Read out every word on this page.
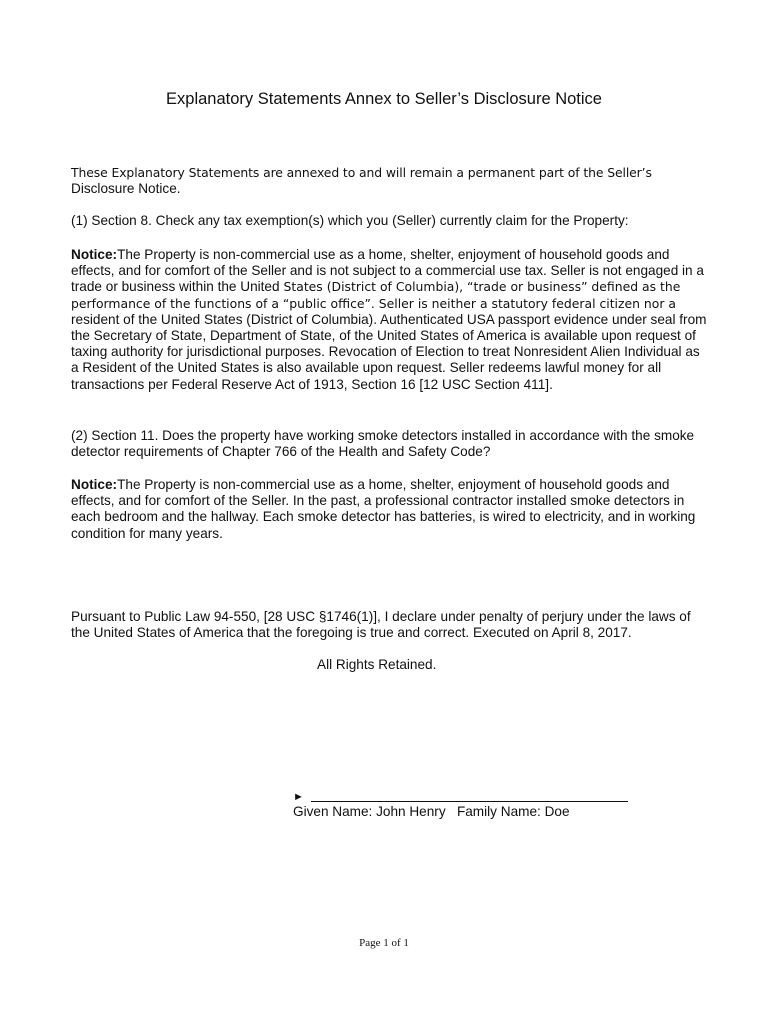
Explanatory Statements Annex to Seller’s Disclosure Notice

These Explanatory Statements are annexed to and will remain a permanent part of the Seller’s
Disclosure Notice.

(1) Section 8. Check any tax exemption(s) which you (Seller) currently claim for the Property:

Notice:The Property is non-commercial use as a home, shelter, enjoyment of household goods and effects, and for comfort of the Seller and is not subject to a commercial use tax. Seller is not engaged in a trade or business within the United States (District of Columbia), “trade or business” defined as the performance of the functions of a “public office”. Seller is neither a statutory federal citizen nor a resident of the United States (District of Columbia). Authenticated USA passport evidence under seal from the Secretary of State, Department of State, of the United States of America is available upon request of taxing authority for jurisdictional purposes. Revocation of Election to treat Nonresident Alien Individual as a Resident of the United States is also available upon request. Seller redeems lawful money for all transactions per Federal Reserve Act of 1913, Section 16 [12 USC Section 411].

(2) Section 11. Does the property have working smoke detectors installed in accordance with the smoke detector requirements of Chapter 766 of the Health and Safety Code?

Notice:The Property is non-commercial use as a home, shelter, enjoyment of household goods and effects, and for comfort of the Seller. In the past, a professional contractor installed smoke detectors in each bedroom and the hallway. Each smoke detector has batteries, is wired to electricity, and in working condition for many years.

Pursuant to Public Law 94-550, [28 USC §1746(1)], I declare under penalty of perjury under the laws of the United States of America that the foregoing is true and correct. Executed on April 8, 2017.

All Rights Retained.
►
Given Name: John Henry   Family Name: Doe
Page 1 of 1
